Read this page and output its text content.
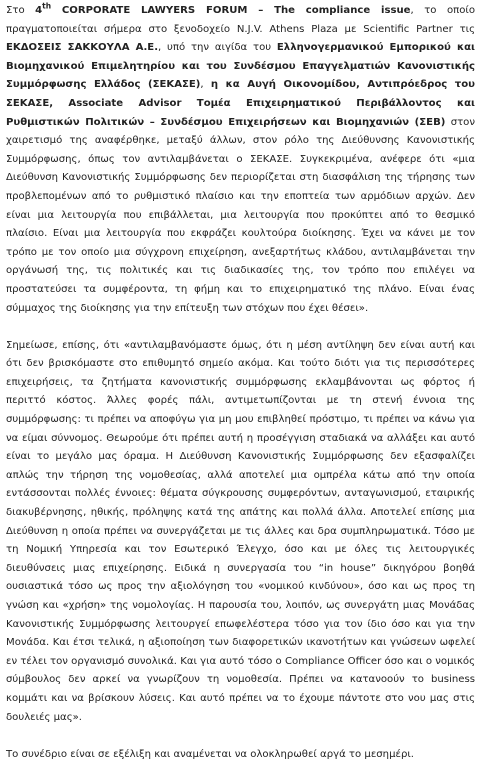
Στο 4th CORPORATE LAWYERS FORUM – The compliance issue, το οποίο πραγματοποιείται σήμερα στο ξενοδοχείο N.J.V. Athens Plaza με Scientific Partner τις ΕΚΔΟΣΕΙΣ ΣΑΚΚΟΥΛΑ Α.Ε., υπό την αιγίδα του Ελληνογερμανικού Εμπορικού και Βιομηχανικού Επιμελητηρίου και του Συνδέσμου Επαγγελματιών Κανονιστικής Συμμόρφωσης Ελλάδος (ΣΕΚΑΣΕ), η κα Αυγή Οικονομίδου, Αντιπρόεδρος του ΣΕΚΑΣΕ, Associate Advisor Τομέα Επιχειρηματικού Περιβάλλοντος και Ρυθμιστικών Πολιτικών – Συνδέσμου Επιχειρήσεων και Βιομηχανιών (ΣΕΒ) στον χαιρετισμό της αναφέρθηκε, μεταξύ άλλων, στον ρόλο της Διεύθυνσης Κανονιστικής Συμμόρφωσης, όπως τον αντιλαμβάνεται ο ΣΕΚΑΣΕ. Συγκεκριμένα, ανέφερε ότι «μια Διεύθυνση Κανονιστικής Συμμόρφωσης δεν περιορίζεται στη διασφάλιση της τήρησης των προβλεπομένων από το ρυθμιστικό πλαίσιο και την εποπτεία των αρμόδιων αρχών. Δεν είναι μια λειτουργία που επιβάλλεται, μια λειτουργία που προκύπτει από το θεσμικό πλαίσιο. Είναι μια λειτουργία που εκφράζει κουλτούρα διοίκησης. Έχει να κάνει με τον τρόπο με τον οποίο μια σύγχρονη επιχείρηση, ανεξαρτήτως κλάδου, αντιλαμβάνεται την οργάνωσή της, τις πολιτικές και τις διαδικασίες της, τον τρόπο που επιλέγει να προστατεύσει τα συμφέροντα, τη φήμη και το επιχειρηματικό της πλάνο. Είναι ένας σύμμαχος της διοίκησης για την επίτευξη των στόχων που έχει θέσει».

Σημείωσε, επίσης, ότι «αντιλαμβανόμαστε όμως, ότι η μέση αντίληψη δεν είναι αυτή και ότι δεν βρισκόμαστε στο επιθυμητό σημείο ακόμα. Και τούτο διότι για τις περισσότερες επιχειρήσεις, τα ζητήματα κανονιστικής συμμόρφωσης εκλαμβάνονται ως φόρτος ή περιττό κόστος. Άλλες φορές πάλι, αντιμετωπίζονται με τη στενή έννοια της συμμόρφωσης: τι πρέπει να αποφύγω για μη μου επιβληθεί πρόστιμο, τι πρέπει να κάνω για να είμαι σύννομος. Θεωρούμε ότι πρέπει αυτή η προσέγγιση σταδιακά να αλλάξει και αυτό είναι το μεγάλο μας όραμα. Η Διεύθυνση Κανονιστικής Συμμόρφωσης δεν εξασφαλίζει απλώς την τήρηση της νομοθεσίας, αλλά αποτελεί μια ομπρέλα κάτω από την οποία εντάσσονται πολλές έννοιες: θέματα σύγκρουσης συμφερόντων, ανταγωνισμού, εταιρικής διακυβέρνησης, ηθικής, πρόληψης κατά της απάτης και πολλά άλλα. Αποτελεί επίσης μια Διεύθυνση η οποία πρέπει να συνεργάζεται με τις άλλες και δρα συμπληρωματικά. Τόσο με τη Νομική Υπηρεσία και τον Εσωτερικό Έλεγχο, όσο και με όλες τις λειτουργικές διευθύνσεις μιας επιχείρησης. Ειδικά η συνεργασία του “in house” δικηγόρου βοηθά ουσιαστικά τόσο ως προς την αξιολόγηση του «νομικού κινδύνου», όσο και ως προς τη γνώση και «χρήση» της νομολογίας. Η παρουσία του, λοιπόν, ως συνεργάτη μιας Μονάδας Κανονιστικής Συμμόρφωσης λειτουργεί επωφελέστερα τόσο για τον ίδιο όσο και για την Μονάδα. Και έτσι τελικά, η αξιοποίηση των διαφορετικών ικανοτήτων και γνώσεων ωφελεί εν τέλει τον οργανισμό συνολικά. Και για αυτό τόσο ο Compliance Officer όσο και ο νομικός σύμβουλος δεν αρκεί να γνωρίζουν τη νομοθεσία. Πρέπει να κατανοούν το business κομμάτι και να βρίσκουν λύσεις. Και αυτό πρέπει να το έχουμε πάντοτε στο νου μας στις δουλειές μας».

Το συνέδριο είναι σε εξέλιξη και αναμένεται να ολοκληρωθεί αργά το μεσημέρι.
